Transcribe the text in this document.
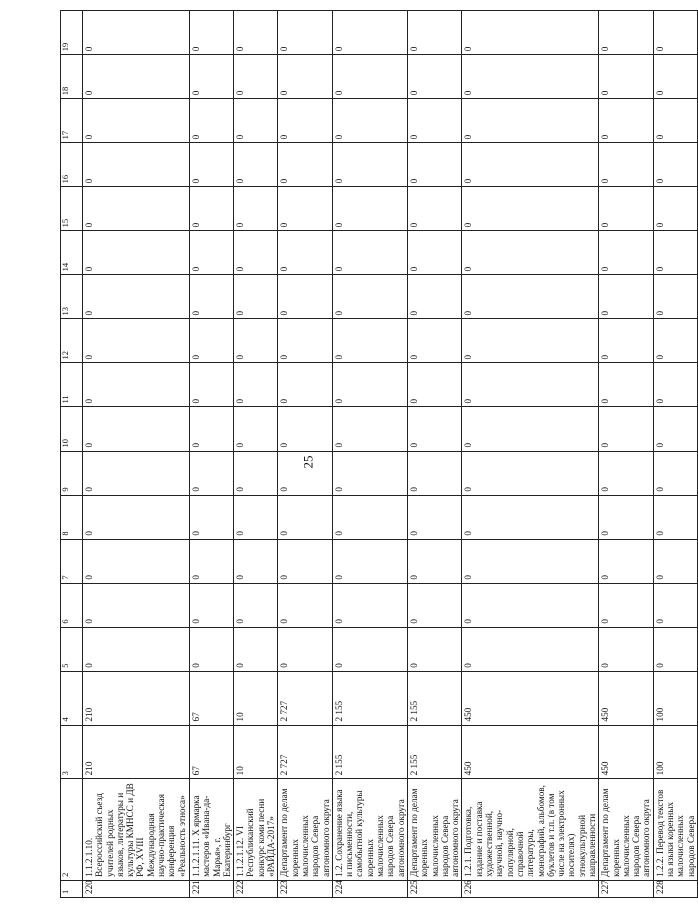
25
1	2	3	4	5	6	7	8	9	10	11	12	13	14	15	16	17	18	19
220	1.1.2.1.10. Всероссийский съезд учителей родных языков, литературы и культуры КМНСС и ДВ РФ, XVIII Международная научно-практическая конференция «Реальность этноса»	210	210	0	0	0	0	0	0	0	0	0	0	0	0	0	0	0
221	1.1.2.1.11. Х ярмарка мастеров «Ивана-да-Марья», г. Екатеринбург	67	67	0	0	0	0	0	0	0	0	0	0	0	0	0	0	0
222	1.1.2.1.12. VI Республиканский конкурс коми песни «РАЙДА-2017»	10	10	0	0	0	0	0	0	0	0	0	0	0	0	0	0	0
223	Департамент по делам коренных малочисленных народов Севера автономного округа	2 727	2 727	0	0	0	0	0	0	0	0	0	0	0	0	0	0	0
224	1.2. Сохранение языка и письменности, самобытной культуры коренных малочисленных народов Севера автономного округа	2 155	2 155	0	0	0	0	0	0	0	0	0	0	0	0	0	0	0
225	Департамент по делам коренных малочисленных народов Севера автономного округа	2 155	2 155	0	0	0	0	0	0	0	0	0	0	0	0	0	0	0
226	1.2.1. Подготовка, издание и поставка художественной, научной, научно-популярной, справочной литературы, монографий, альбомов, буклетов и т.п. (в том числе на электронных носителях) этнокультурной направленности	450	450	0	0	0	0	0	0	0	0	0	0	0	0	0	0	0
227	Департамент по делам коренных малочисленных народов Севера автономного округа	450	450	0	0	0	0	0	0	0	0	0	0	0	0	0	0	0
228	1.2.2. Перевод текстов на языки коренных малочисленных народов Севера	100	100	0	0	0	0	0	0	0	0	0	0	0	0	0	0	0
